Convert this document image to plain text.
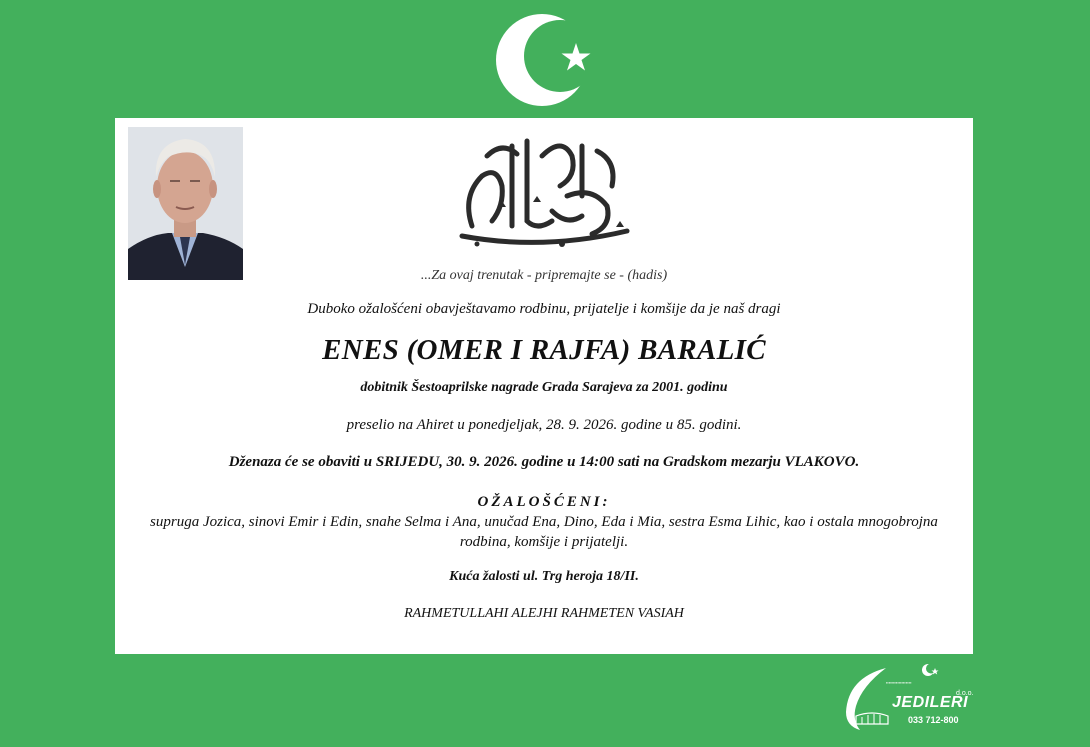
...Za ovaj trenutak - pripremajte se - (hadis)
Duboko ožalošćeni obavještavamo rodbinu, prijatelje i komšije da je naš dragi
ENES (OMER I RAJFA) BARALIĆ
dobitnik Šestoaprilske nagrade Grada Sarajeva za 2001. godinu
preselio na Ahiret u ponedjeljak, 28. 9. 2026. godine u 85. godini.
Dženaza će se obaviti u SRIJEDU, 30. 9. 2026. godine u 14:00 sati na Gradskom mezarju VLAKOVO.
OŽALOŠĆENI:
supruga Jozica, sinovi Emir i Edin, snahe Selma i Ana, unučad Ena, Dino, Eda i Mia, sestra Esma Lihic, kao i ostala mnogobrojna rodbina, komšije i prijatelji.
Kuća žalosti ul. Trg heroja 18/II.
RAHMETULLAHI ALEJHI RAHMETEN VASIAH
▪▪▪▪▪▪▪▪▪▪▪▪▪▪▪▪▪▪
JEDILERI
d.o.o.
033 712-800
